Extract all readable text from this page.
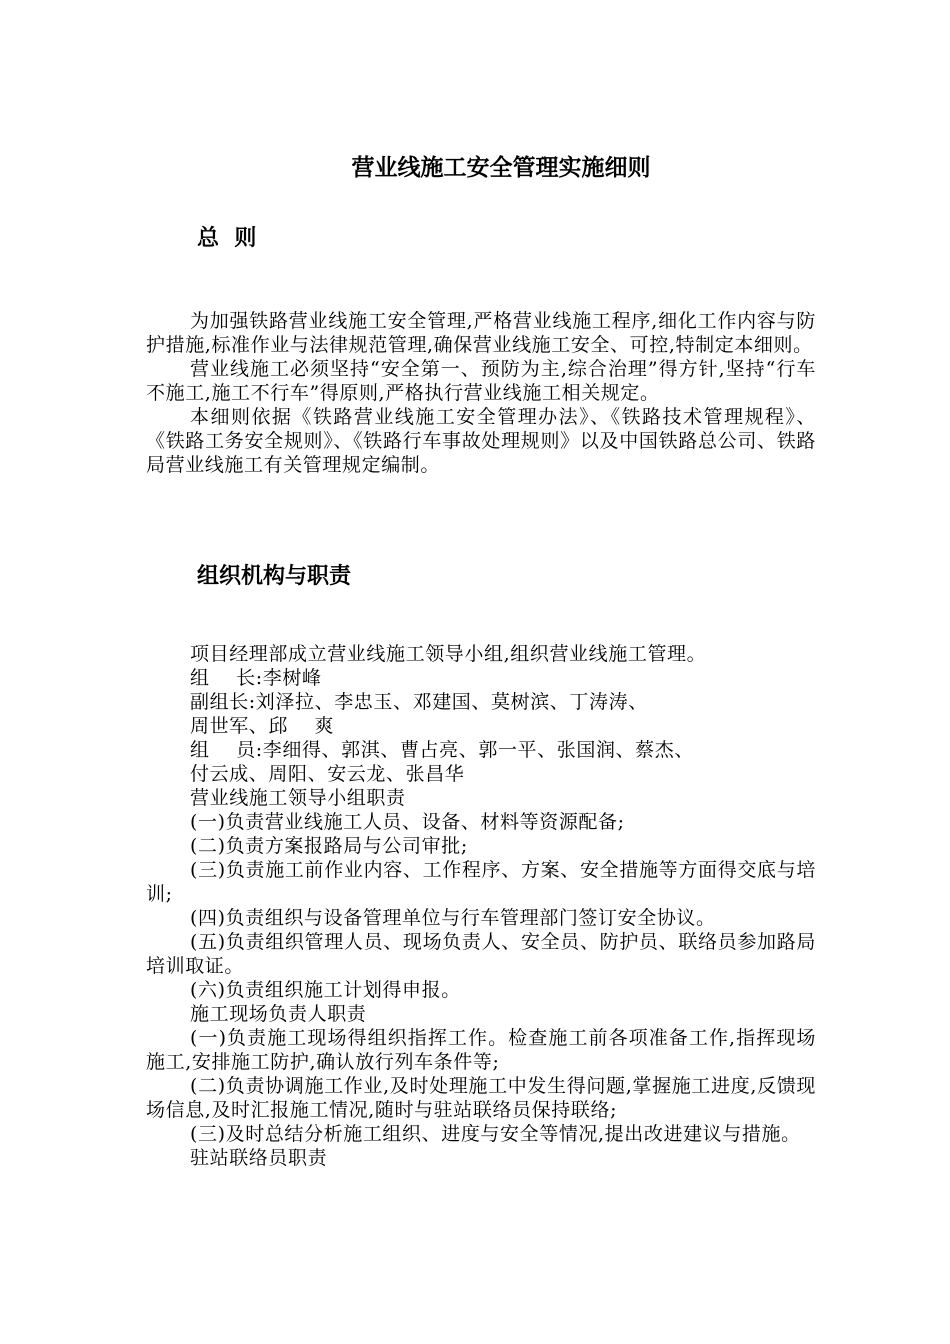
营业线施工安全管理实施细则
总  则

为加强铁路营业线施工安全管理,严格营业线施工程序,细化工作内容与防护措施,标准作业与法律规范管理,确保营业线施工安全、可控,特制定本细则。

营业线施工必须坚持“安全第一、预防为主,综合治理”得方针,坚持“行车不施工,施工不行车”得原则,严格执行营业线施工相关规定。

本细则依据《铁路营业线施工安全管理办法》、《铁路技术管理规程》、《铁路工务安全规则》、《铁路行车事故处理规则》以及中国铁路总公司、铁路局营业线施工有关管理规定编制。

组织机构与职责

项目经理部成立营业线施工领导小组,组织营业线施工管理。

组    长:李树峰

副组长:刘泽拉、李忠玉、邓建国、莫树滨、丁涛涛、

周世军、邱    爽

组    员:李细得、郭淇、曹占亮、郭一平、张国润、蔡杰、

付云成、周阳、安云龙、张昌华

营业线施工领导小组职责

(一)负责营业线施工人员、设备、材料等资源配备;

(二)负责方案报路局与公司审批;

(三)负责施工前作业内容、工作程序、方案、安全措施等方面得交底与培训;

(四)负责组织与设备管理单位与行车管理部门签订安全协议。

(五)负责组织管理人员、现场负责人、安全员、防护员、联络员参加路局培训取证。

(六)负责组织施工计划得申报。

施工现场负责人职责

(一)负责施工现场得组织指挥工作。检查施工前各项准备工作,指挥现场施工,安排施工防护,确认放行列车条件等;

(二)负责协调施工作业,及时处理施工中发生得问题,掌握施工进度,反馈现场信息,及时汇报施工情况,随时与驻站联络员保持联络;

(三)及时总结分析施工组织、进度与安全等情况,提出改进建议与措施。

驻站联络员职责
